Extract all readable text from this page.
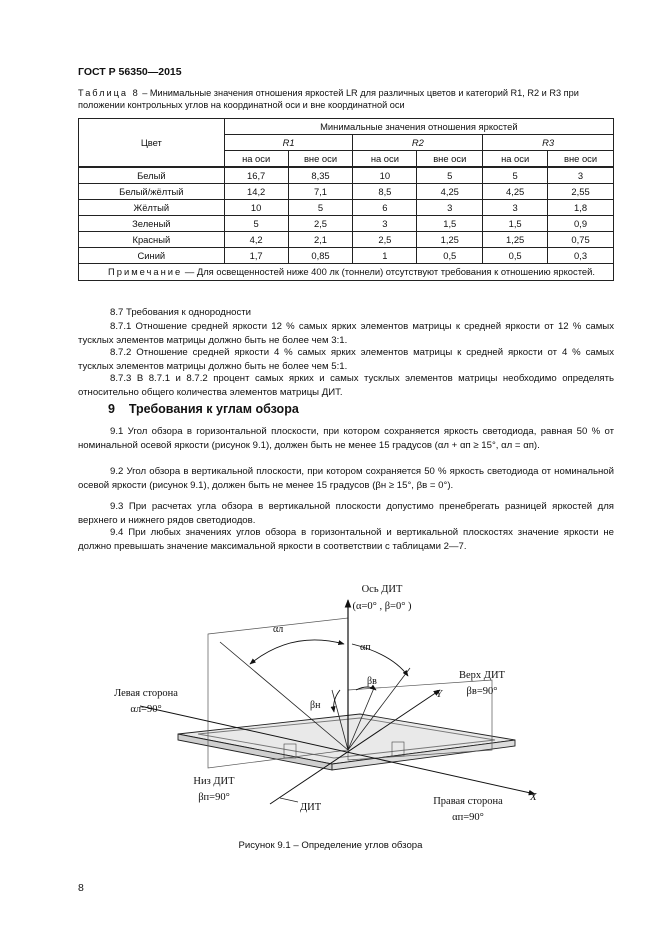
ГОСТ Р 56350—2015
Таблица 8 – Минимальные значения отношения яркостей LR для различных цветов и категорий R1, R2 и R3 при положении контрольных углов на координатной оси и вне координатной оси
Цвет	Минимальные значения отношения яркостей					
	R1		R2		R3	
	на оси	вне оси	на оси	вне оси	на оси	вне оси
Белый	16,7	8,35	10	5	5	3
Белый/жёлтый	14,2	7,1	8,5	4,25	4,25	2,55
Жёлтый	10	5	6	3	3	1,8
Зеленый	5	2,5	3	1,5	1,5	0,9
Красный	4,2	2,1	2,5	1,25	1,25	0,75
Синий	1,7	0,85	1	0,5	0,5	0,3
Примечание — Для освещенностей ниже 400 лк (тоннели) отсутствуют требования к отношению яркостей.						
8.7 Требования к однородности
8.7.1 Отношение средней яркости 12 % самых ярких элементов матрицы к средней яркости от 12 % самых тусклых элементов матрицы должно быть не более чем 3:1.
8.7.2 Отношение средней яркости 4 % самых ярких элементов матрицы к средней яркости от 4 % самых тусклых элементов матрицы должно быть не более чем 5:1.
8.7.3 В 8.7.1 и 8.7.2 процент самых ярких и самых тусклых элементов матрицы необходимо определять относительно общего количества элементов матрицы ДИТ.
9 Требования к углам обзора
9.1 Угол обзора в горизонтальной плоскости, при котором сохраняется яркость светодиода, равная 50 % от номинальной осевой яркости (рисунок 9.1), должен быть не менее 15 градусов (αл + αп ≥ 15°, αл = αп).
9.2 Угол обзора в вертикальной плоскости, при котором сохраняется 50 % яркость светодиода от номинальной осевой яркости (рисунок 9.1), должен быть не менее 15 градусов (βн ≥ 15°, βв = 0°).
9.3 При расчетах угла обзора в вертикальной плоскости допустимо пренебрегать разницей яркостей для верхнего и нижнего рядов светодиодов.
9.4 При любых значениях углов обзора в горизонтальной и вертикальной плоскостях значение яркости не должно превышать значение максимальной яркости в соответствии с таблицами 2—7.
Ось ДИТ
(α=0° , β=0° )
αл
αп
βв
βн
Левая сторона
αл=90°
Верх ДИТ
βв=90°
Низ ДИТ
βп=90°	Правая сторона
αп=90°
ДИТ
X
Y
Рисунок 9.1 – Определение углов обзора
8
